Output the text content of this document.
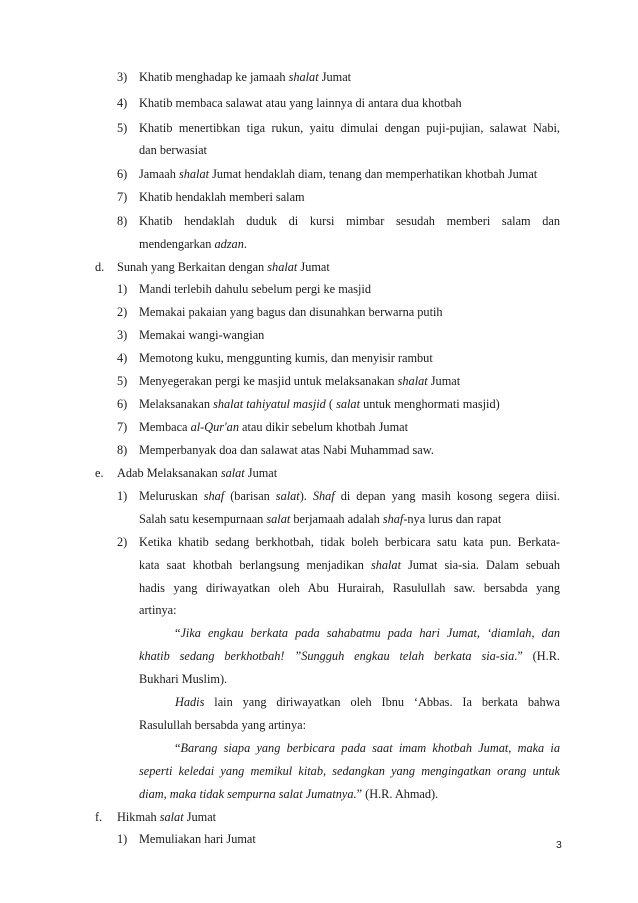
3) Khatib menghadap ke jamaah shalat Jumat
4) Khatib membaca salawat atau yang lainnya di antara dua khotbah
5) Khatib menertibkan tiga rukun, yaitu dimulai dengan puji-pujian, salawat Nabi,
dan berwasiat
6) Jamaah shalat Jumat hendaklah diam, tenang dan memperhatikan khotbah Jumat
7) Khatib hendaklah memberi salam
8) Khatib hendaklah duduk di kursi mimbar sesudah memberi salam dan
mendengarkan adzan.
d. Sunah yang Berkaitan dengan shalat Jumat
1) Mandi terlebih dahulu sebelum pergi ke masjid
2) Memakai pakaian yang bagus dan disunahkan berwarna putih
3) Memakai wangi-wangian
4) Memotong kuku, menggunting kumis, dan menyisir rambut
5) Menyegerakan pergi ke masjid untuk melaksanakan shalat Jumat
6) Melaksanakan shalat tahiyatul masjid ( salat untuk menghormati masjid)
7) Membaca al-Qur'an atau dikir sebelum khotbah Jumat
8) Memperbanyak doa dan salawat atas Nabi Muhammad saw.
e. Adab Melaksanakan salat Jumat
1) Meluruskan shaf (barisan salat). Shaf di depan yang masih kosong segera diisi.
Salah satu kesempurnaan salat berjamaah adalah shaf-nya lurus dan rapat
2) Ketika khatib sedang berkhotbah, tidak boleh berbicara satu kata pun. Berkata-
kata saat khotbah berlangsung menjadikan shalat Jumat sia-sia. Dalam sebuah
hadis yang diriwayatkan oleh Abu Hurairah, Rasulullah saw. bersabda yang
artinya:
“Jika engkau berkata pada sahabatmu pada hari Jumat, ‘diamlah, dan
khatib sedang berkhotbah! ”Sungguh engkau telah berkata sia-sia.” (H.R.
Bukhari Muslim).
Hadis lain yang diriwayatkan oleh Ibnu ‘Abbas. Ia berkata bahwa
Rasulullah bersabda yang artinya:
“Barang siapa yang berbicara pada saat imam khotbah Jumat, maka ia
seperti keledai yang memikul kitab, sedangkan yang mengingatkan orang untuk
diam, maka tidak sempurna salat Jumatnya.” (H.R. Ahmad).
f. Hikmah salat Jumat
1) Memuliakan hari Jumat	3
